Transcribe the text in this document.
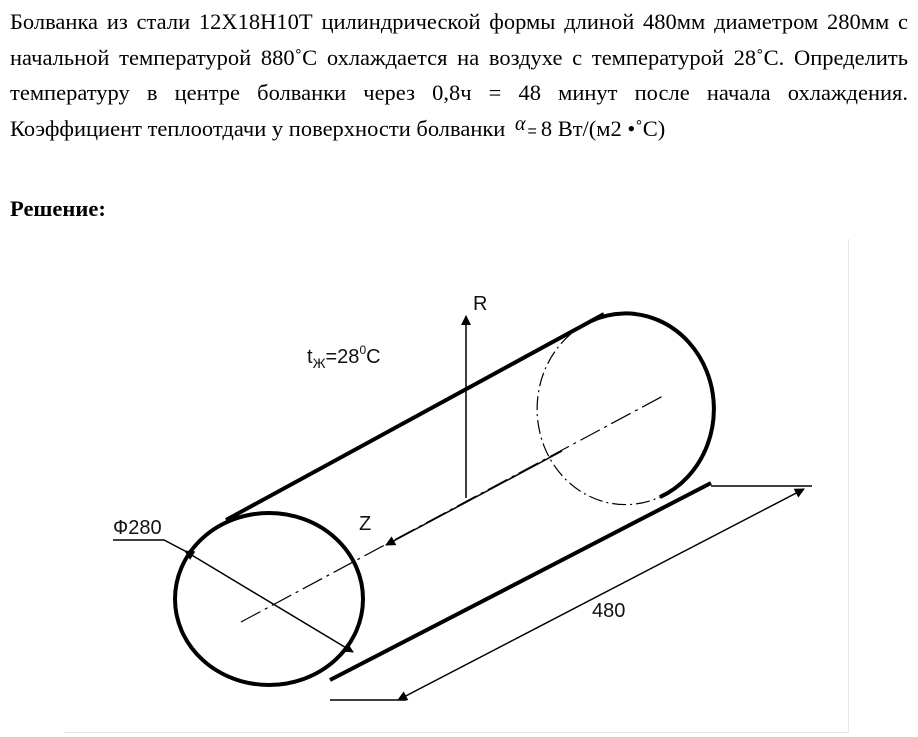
Болванка из стали 12Х18Н10Т цилиндрической формы длиной 480мм диаметром 280мм с начальной температурой 880˚С охлаждается на воздухе с температурой 28˚С. Определить температуру в центре болванки через 0,8ч = 48 минут после начала охлаждения. Коэффициент теплоотдачи у поверхности болванки α = 8 Вт/(м2 •˚С)

Решение:

R
$t_Ж=28^0C$
Z
Ф280
480
